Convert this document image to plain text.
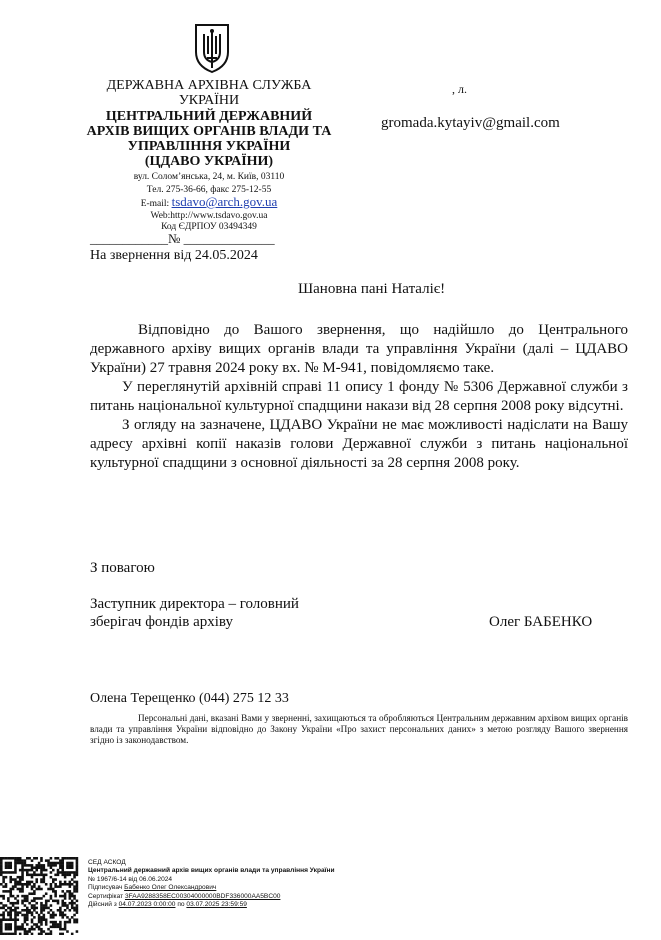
ДЕРЖАВНА АРХІВНА СЛУЖБА
УКРАЇНИ
ЦЕНТРАЛЬНИЙ ДЕРЖАВНИЙ
АРХІВ ВИЩИХ ОРГАНІВ ВЛАДИ ТА
УПРАВЛІННЯ УКРАЇНИ
(ЦДАВО УКРАЇНИ)
вул. Солом’янська, 24, м. Київ, 03110
Тел. 275-36-66, факс 275-12-55
E-mail: tsdavo@arch.gov.ua
Web:http://www.tsdavo.gov.ua
Код ЄДРПОУ 03494349
____________№ ______________
На звернення від 24.05.2024
, л.
gromada.kytayiv@gmail.com
Шановна пані Наталіє!

Відповідно до Вашого звернення, що надійшло до Центрального державного архіву вищих органів влади та управління України (далі – ЦДАВО України) 27 травня 2024 року вх. № М-941, повідомляємо таке.

У переглянутій архівній справі 11 опису 1 фонду № 5306 Державної служби з питань національної культурної спадщини накази від 28 серпня 2008 року відсутні.

З огляду на зазначене, ЦДАВО України не має можливості надіслати на Вашу адресу архівні копії наказів голови Державної служби з питань національної культурної спадщини з основної діяльності за 28 серпня 2008 року.

З повагою
Заступник директора – головний
зберігач фондів архіву	Олег БАБЕНКО
Олена Терещенко (044) 275 12 33
Персональні дані, вказані Вами у зверненні, захищаються та обробляються Центральним державним архівом вищих органів влади та управління України відповідно до Закону України «Про захист персональних даних» з метою розгляду Вашого звернення згідно із законодавством.
СЕД АСКОД
Центральний державний архів вищих органів влади та управління України
№ 1967/6-14 від 06.06.2024
Підписувач Бабенко Олег Олександрович
Сертифікат 3FAA9288358EC00304000000BDF336000AA5BC00
Дійсний з 04.07.2023 0:00:00 по 03.07.2025 23:59:59
